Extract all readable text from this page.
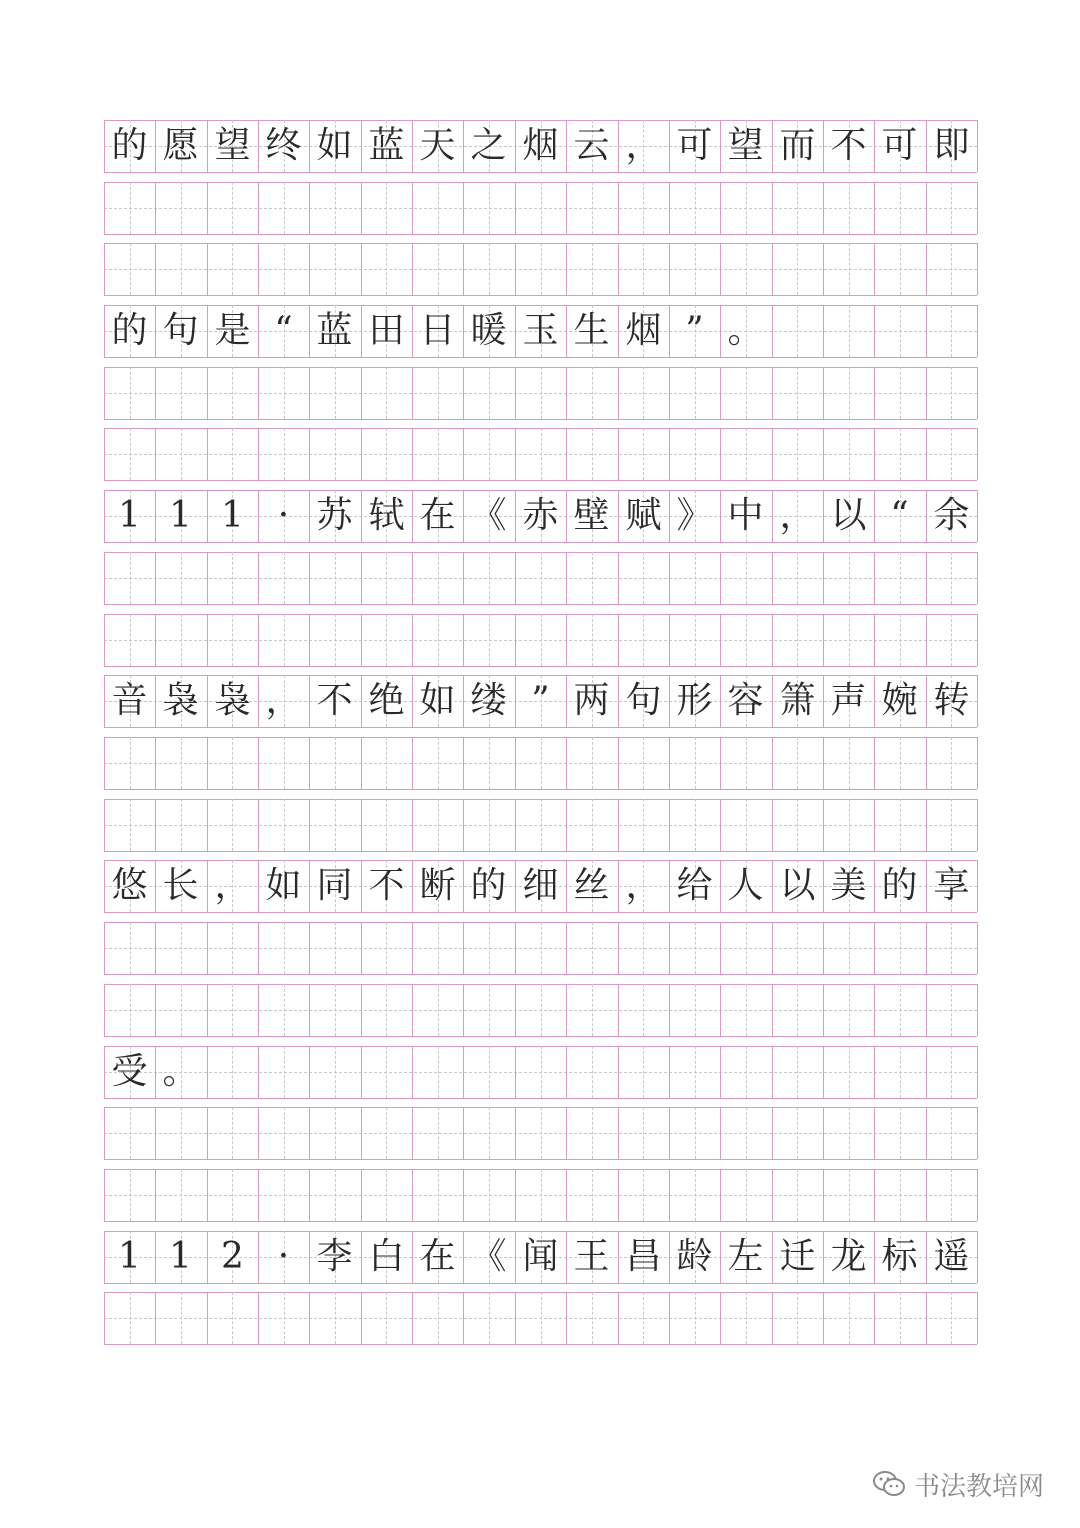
的 愿 望 终 如 蓝 天 之 烟 云 ， 可 望 而 不 可 即
的 句 是 “ 蓝 田 日 暖 玉 生 烟 ” 。
1 1 1 · 苏 轼 在 《 赤 壁 赋 》 中 ， 以 “ 余
音 袅 袅 ， 不 绝 如 缕 ” 两 句 形 容 箫 声 婉 转
悠 长 ， 如 同 不 断 的 细 丝 ， 给 人 以 美 的 享
受 。
1 1 2 · 李 白 在 《 闻 王 昌 龄 左 迁 龙 标 遥
书法教培网
